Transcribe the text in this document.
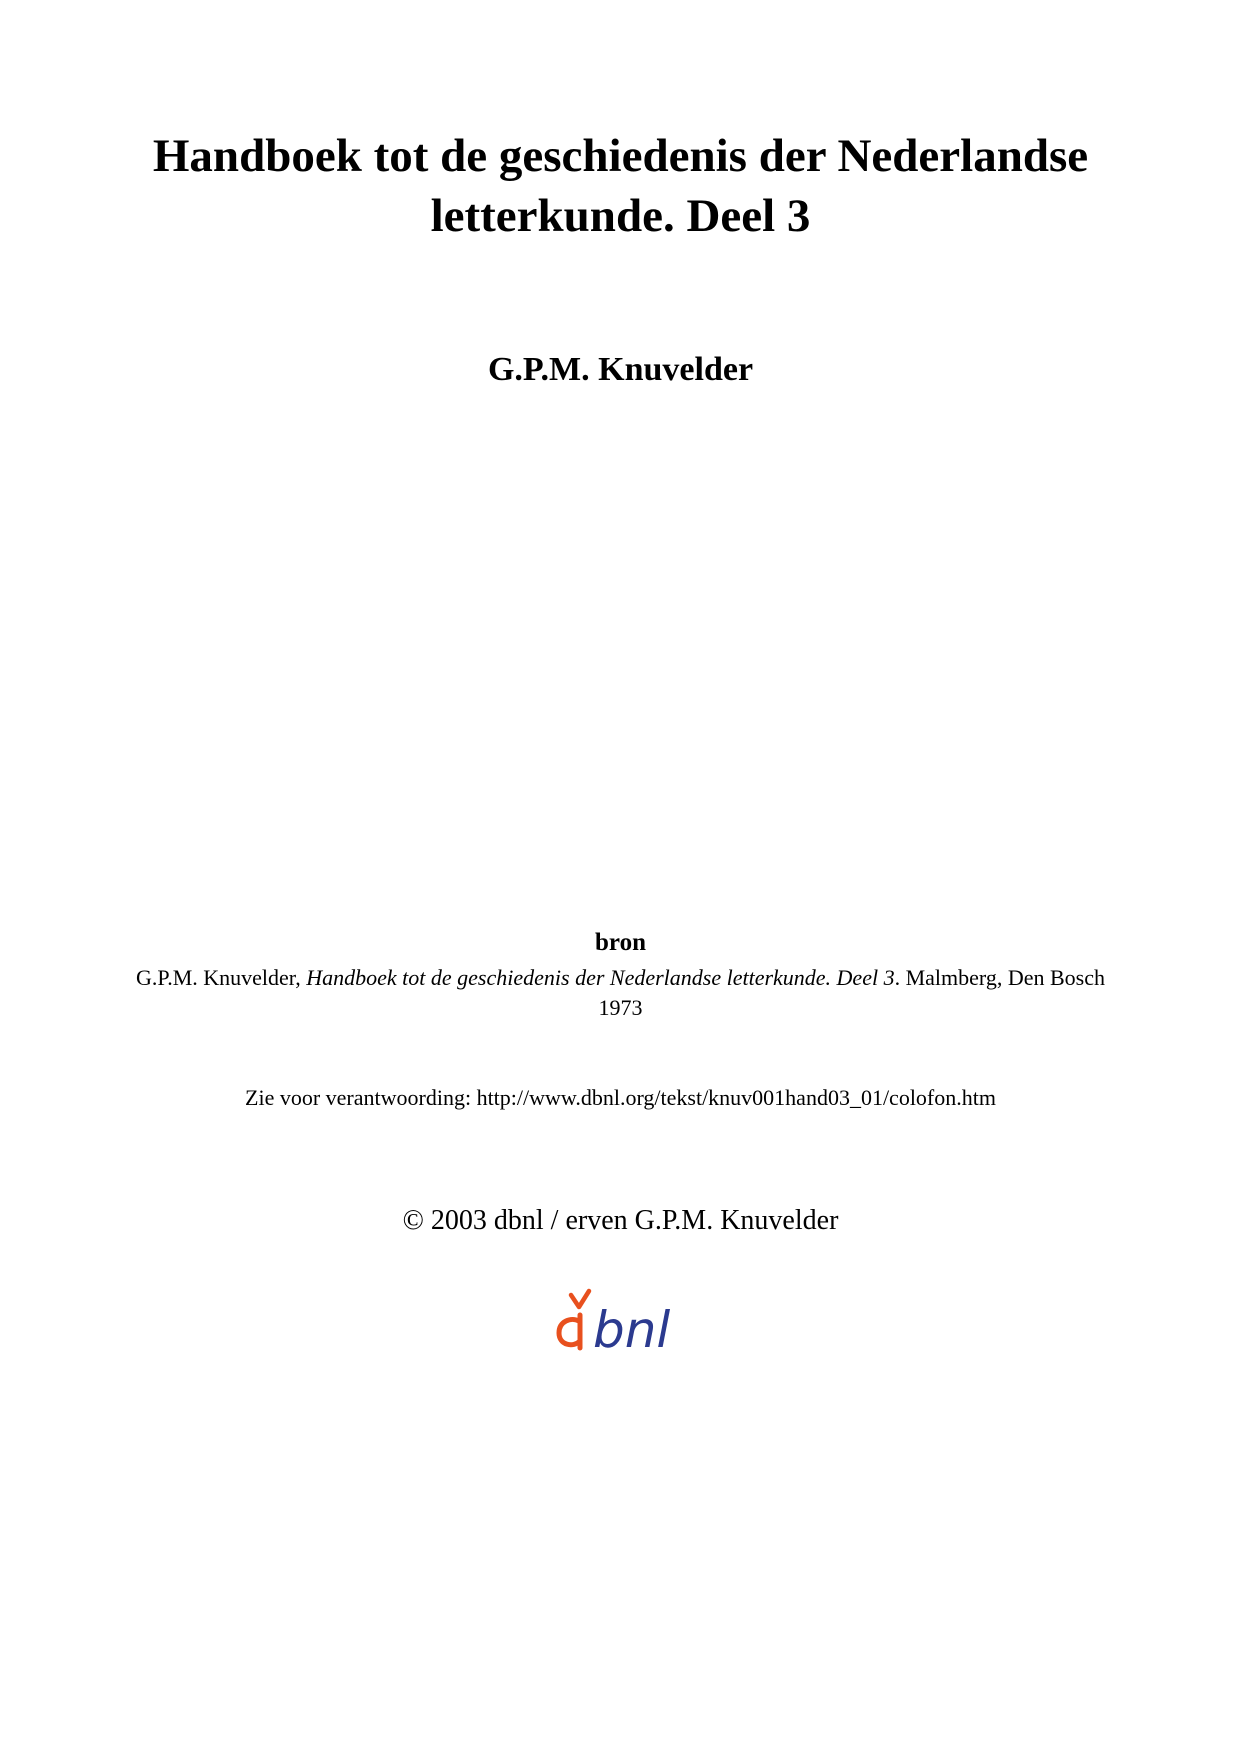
Handboek tot de geschiedenis der Nederlandse
letterkunde. Deel 3
G.P.M. Knuvelder
bron
G.P.M. Knuvelder, Handboek tot de geschiedenis der Nederlandse letterkunde. Deel 3. Malmberg, Den Bosch 1973
Zie voor verantwoording: http://www.dbnl.org/tekst/knuv001hand03_01/colofon.htm
© 2003 dbnl / erven G.P.M. Knuvelder
bnl
